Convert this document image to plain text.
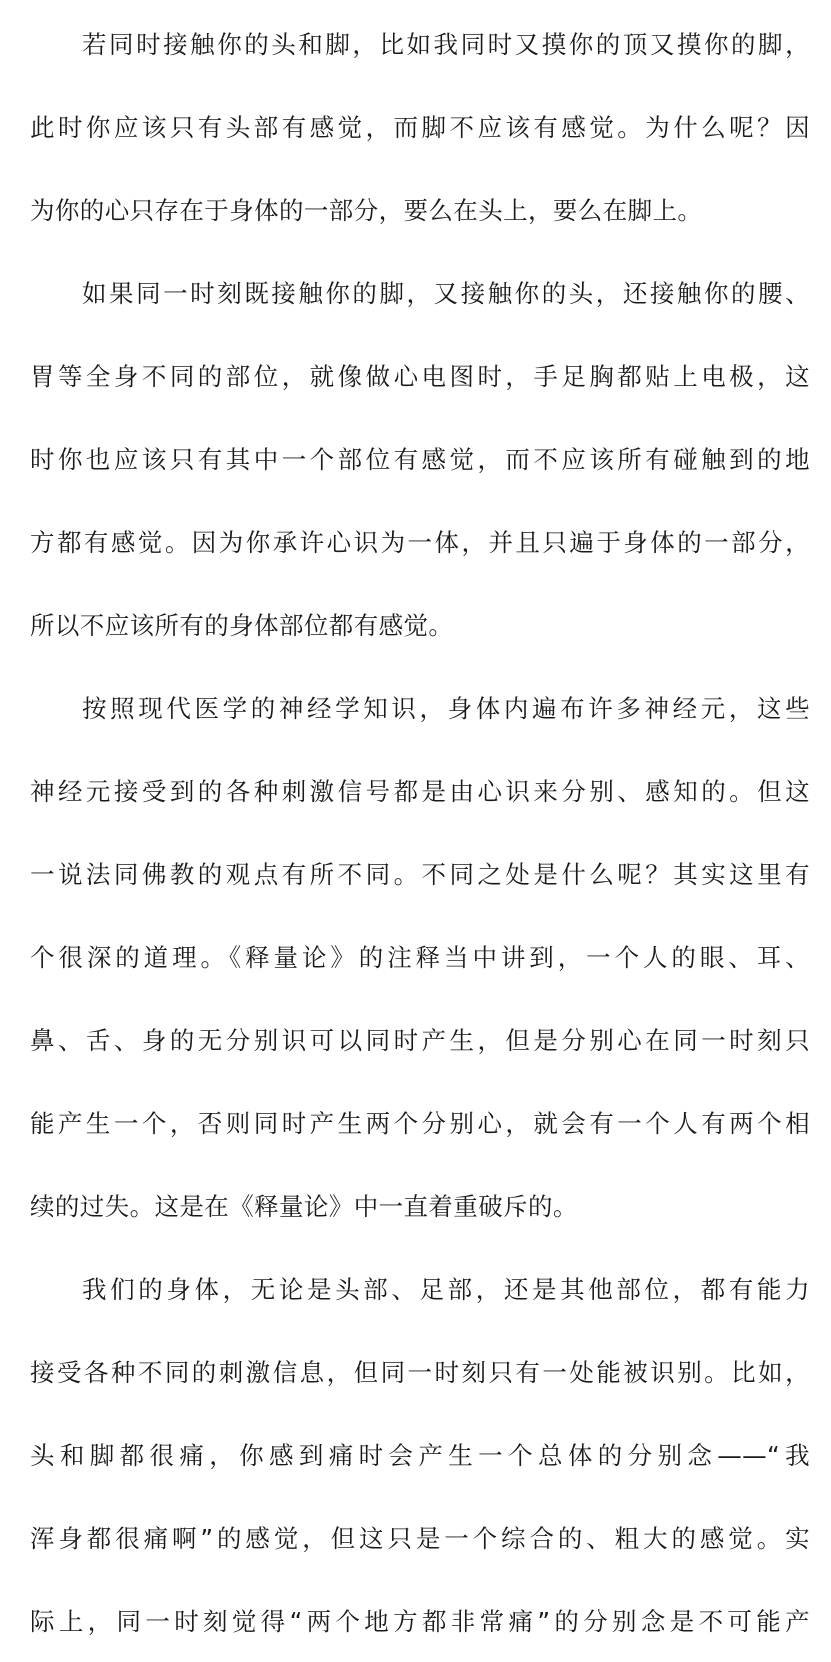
若同时接触你的头和脚，比如我同时又摸你的顶又摸你的脚，
此时你应该只有头部有感觉，而脚不应该有感觉。为什么呢？因
为你的心只存在于身体的一部分，要么在头上，要么在脚上。
如果同一时刻既接触你的脚，又接触你的头，还接触你的腰、
胃等全身不同的部位，就像做心电图时，手足胸都贴上电极，这
时你也应该只有其中一个部位有感觉，而不应该所有碰触到的地
方都有感觉。因为你承许心识为一体，并且只遍于身体的一部分，
所以不应该所有的身体部位都有感觉。
按照现代医学的神经学知识，身体内遍布许多神经元，这些
神经元接受到的各种刺激信号都是由心识来分别、感知的。但这
一说法同佛教的观点有所不同。不同之处是什么呢？其实这里有
个很深的道理。《释量论》的注释当中讲到，一个人的眼、耳、
鼻、舌、身的无分别识可以同时产生，但是分别心在同一时刻只
能产生一个，否则同时产生两个分别心，就会有一个人有两个相
续的过失。这是在《释量论》中一直着重破斥的。
我们的身体，无论是头部、足部，还是其他部位，都有能力
接受各种不同的刺激信息，但同一时刻只有一处能被识别。比如，
头和脚都很痛，你感到痛时会产生一个总体的分别念——“我
浑身都很痛啊”的感觉，但这只是一个综合的、粗大的感觉。实
际上，同一时刻觉得“两个地方都非常痛”的分别念是不可能产
